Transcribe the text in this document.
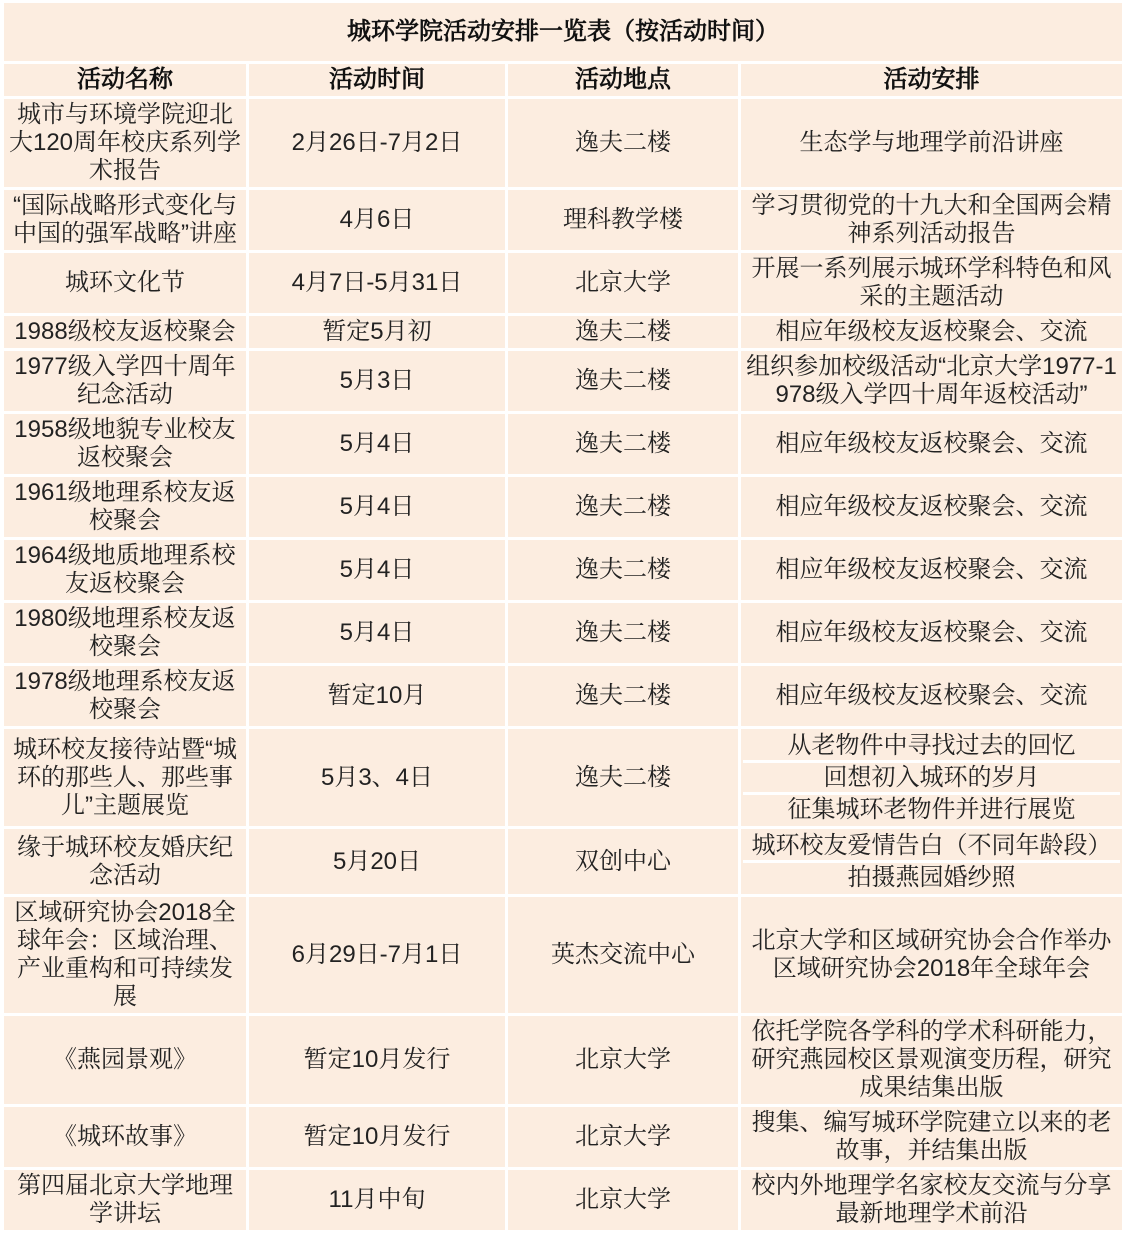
城环学院活动安排一览表（按活动时间）			
活动名称	活动时间	活动地点	活动安排
城市与环境学院迎北大120周年校庆系列学术报告	2月26日-7月2日	逸夫二楼	生态学与地理学前沿讲座
“国际战略形式变化与中国的强军战略”讲座	4月6日	理科教学楼	学习贯彻党的十九大和全国两会精神系列活动报告
城环文化节	4月7日-5月31日	北京大学	开展一系列展示城环学科特色和风采的主题活动
1988级校友返校聚会	暂定5月初	逸夫二楼	相应年级校友返校聚会、交流
1977级入学四十周年纪念活动	5月3日	逸夫二楼	组织参加校级活动“北京大学1977-1978级入学四十周年返校活动”
1958级地貌专业校友返校聚会	5月4日	逸夫二楼	相应年级校友返校聚会、交流
1961级地理系校友返校聚会	5月4日	逸夫二楼	相应年级校友返校聚会、交流
1964级地质地理系校友返校聚会	5月4日	逸夫二楼	相应年级校友返校聚会、交流
1980级地理系校友返校聚会	5月4日	逸夫二楼	相应年级校友返校聚会、交流
1978级地理系校友返校聚会	暂定10月	逸夫二楼	相应年级校友返校聚会、交流
城环校友接待站暨“城环的那些人、那些事儿”主题展览	5月3、4日	逸夫二楼	从老物件中寻找过去的回忆
回想初入城环的岁月
征集城环老物件并进行展览

缘于城环校友婚庆纪念活动	5月20日	双创中心	城环校友爱情告白（不同年龄段）
拍摄燕园婚纱照

区域研究协会2018全球年会：区域治理、产业重构和可持续发展	6月29日-7月1日	英杰交流中心	北京大学和区域研究协会合作举办区域研究协会2018年全球年会
《燕园景观》	暂定10月发行	北京大学	依托学院各学科的学术科研能力，研究燕园校区景观演变历程，研究成果结集出版
《城环故事》	暂定10月发行	北京大学	搜集、编写城环学院建立以来的老故事，并结集出版
第四届北京大学地理学讲坛	11月中旬	北京大学	校内外地理学名家校友交流与分享最新地理学术前沿
